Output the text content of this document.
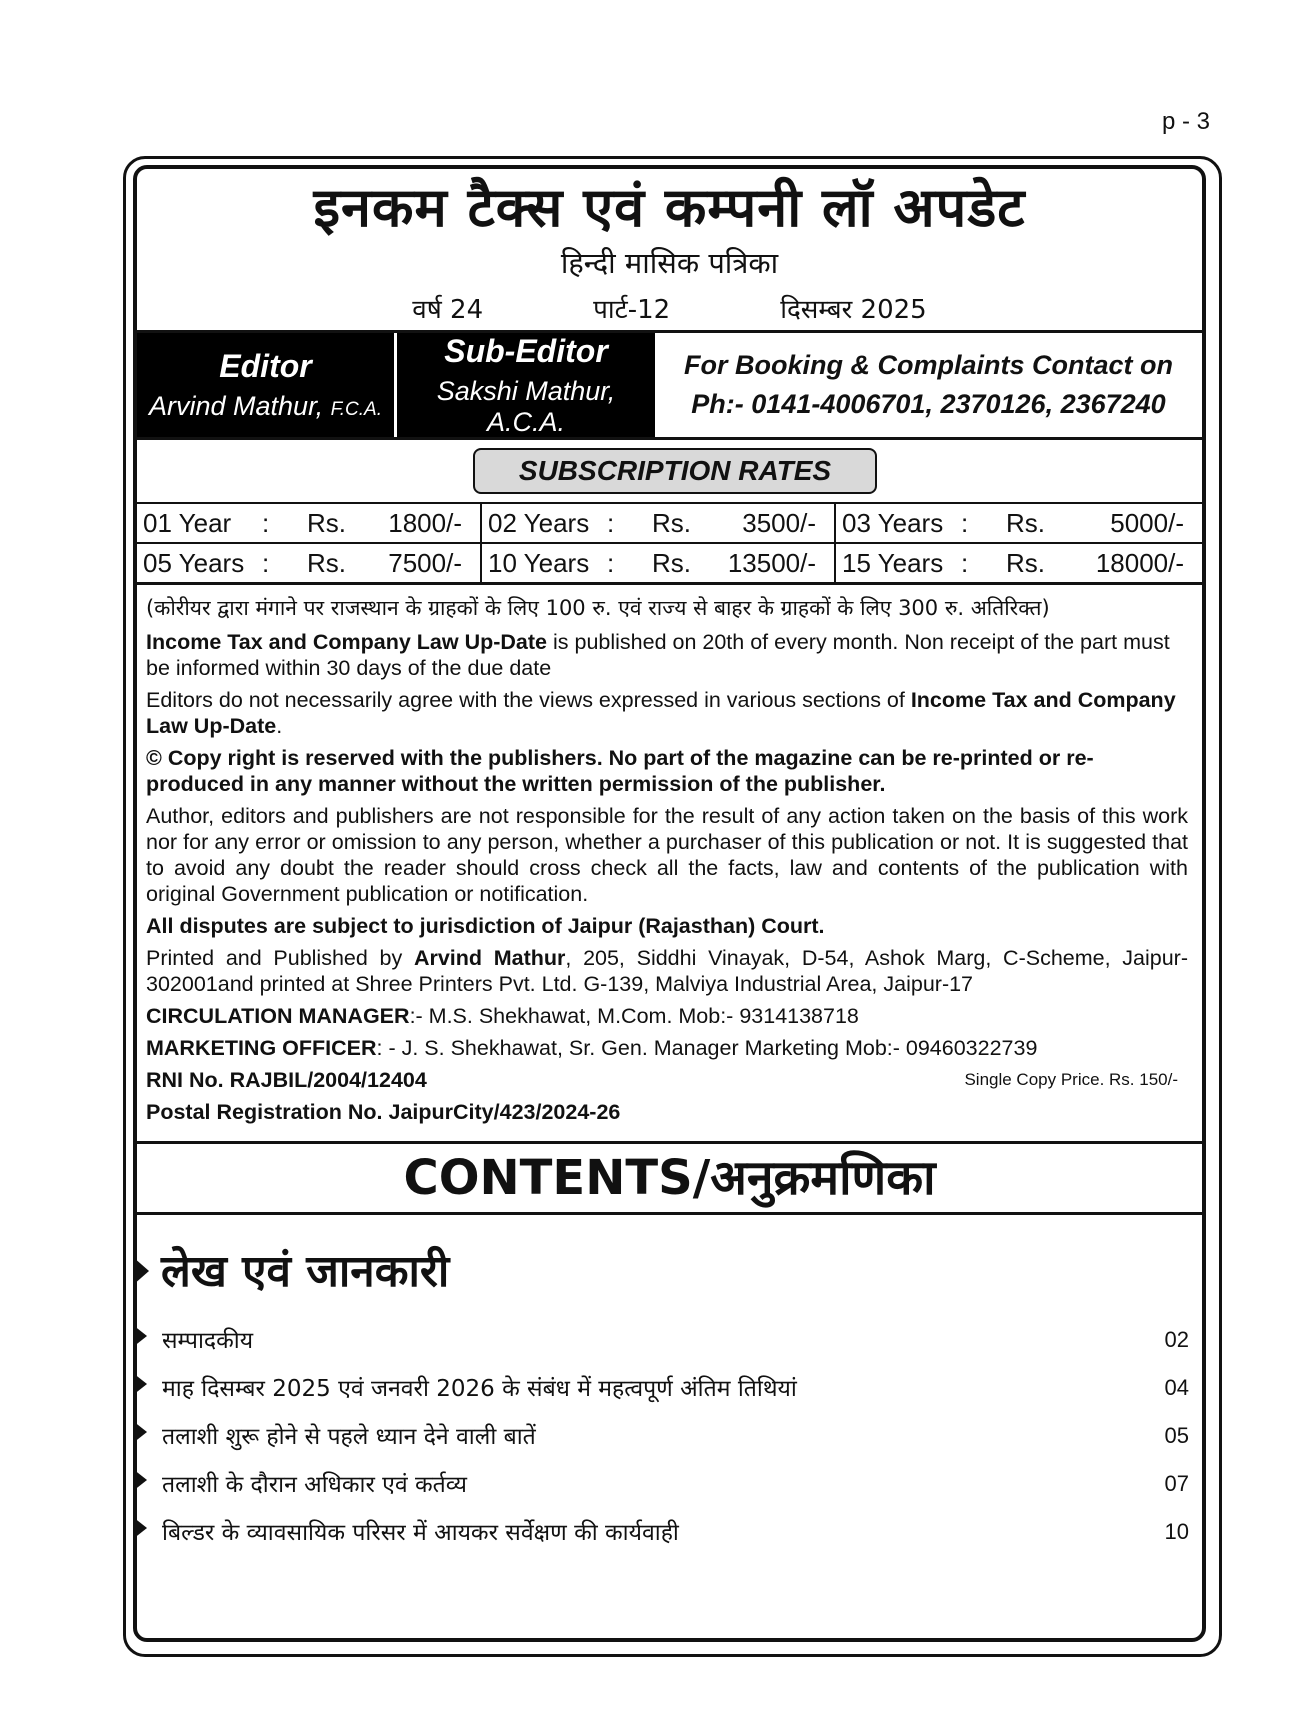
p - 3
इनकम टैक्स एवं कम्पनी लॉ अपडेट
हिन्दी मासिक पत्रिका
वर्ष 24	पार्ट-12	दिसम्बर 2025
Editor
Arvind Mathur, F.C.A.
Sub-Editor
Sakshi Mathur, A.C.A.
For Booking & Complaints Contact on
Ph:- 0141-4006701, 2370126, 2367240
SUBSCRIPTION RATES
01 Year : Rs. 1800/- 02 Years : Rs. 3500/- 03 Years : Rs.	5000/-
05 Years : Rs. 7500/- 10 Years : Rs. 13500/- 15 Years : Rs. 18000/-

(कोरीयर द्वारा मंगाने पर राजस्थान के ग्राहकों के लिए 100 रु. एवं राज्य से बाहर के ग्राहकों के लिए 300 रु. अतिरिक्त)

Income Tax and Company Law Up-Date is published on 20th of every month. Non receipt of the part must be informed within 30 days of the due date

Editors do not necessarily agree with the views expressed in various sections of Income Tax and Company Law Up-Date.

© Copy right is reserved with the publishers. No part of the magazine can be re-printed or re-produced in any manner without the written permission of the publisher.

Author, editors and publishers are not responsible for the result of any action taken on the basis of this work nor for any error or omission to any person, whether a purchaser of this publication or not. It is suggested that to avoid any doubt the reader should cross check all the facts, law and contents of the publication with original Government publication or notification.

All disputes are subject to jurisdiction of Jaipur (Rajasthan) Court.

Printed and Published by Arvind Mathur, 205, Siddhi Vinayak, D-54, Ashok Marg, C-Scheme, Jaipur-302001and printed at Shree Printers Pvt. Ltd. G-139, Malviya Industrial Area, Jaipur-17

CIRCULATION MANAGER:- M.S. Shekhawat, M.Com. Mob:- 9314138718

MARKETING OFFICER: - J. S. Shekhawat, Sr. Gen. Manager Marketing Mob:- 09460322739

RNI No. RAJBIL/2004/12404	Single Copy Price. Rs. 150/-

Postal Registration No. JaipurCity/423/2024-26

CONTENTS/अनुक्रमणिका
लेख एवं जानकारी
सम्पादकीय	02
माह दिसम्बर 2025 एवं जनवरी 2026 के संबंध में महत्वपूर्ण अंतिम तिथियां	04
तलाशी शुरू होने से पहले ध्यान देने वाली बातें	05
तलाशी के दौरान अधिकार एवं कर्तव्य	07
बिल्डर के व्यावसायिक परिसर में आयकर सर्वेक्षण की कार्यवाही	10
